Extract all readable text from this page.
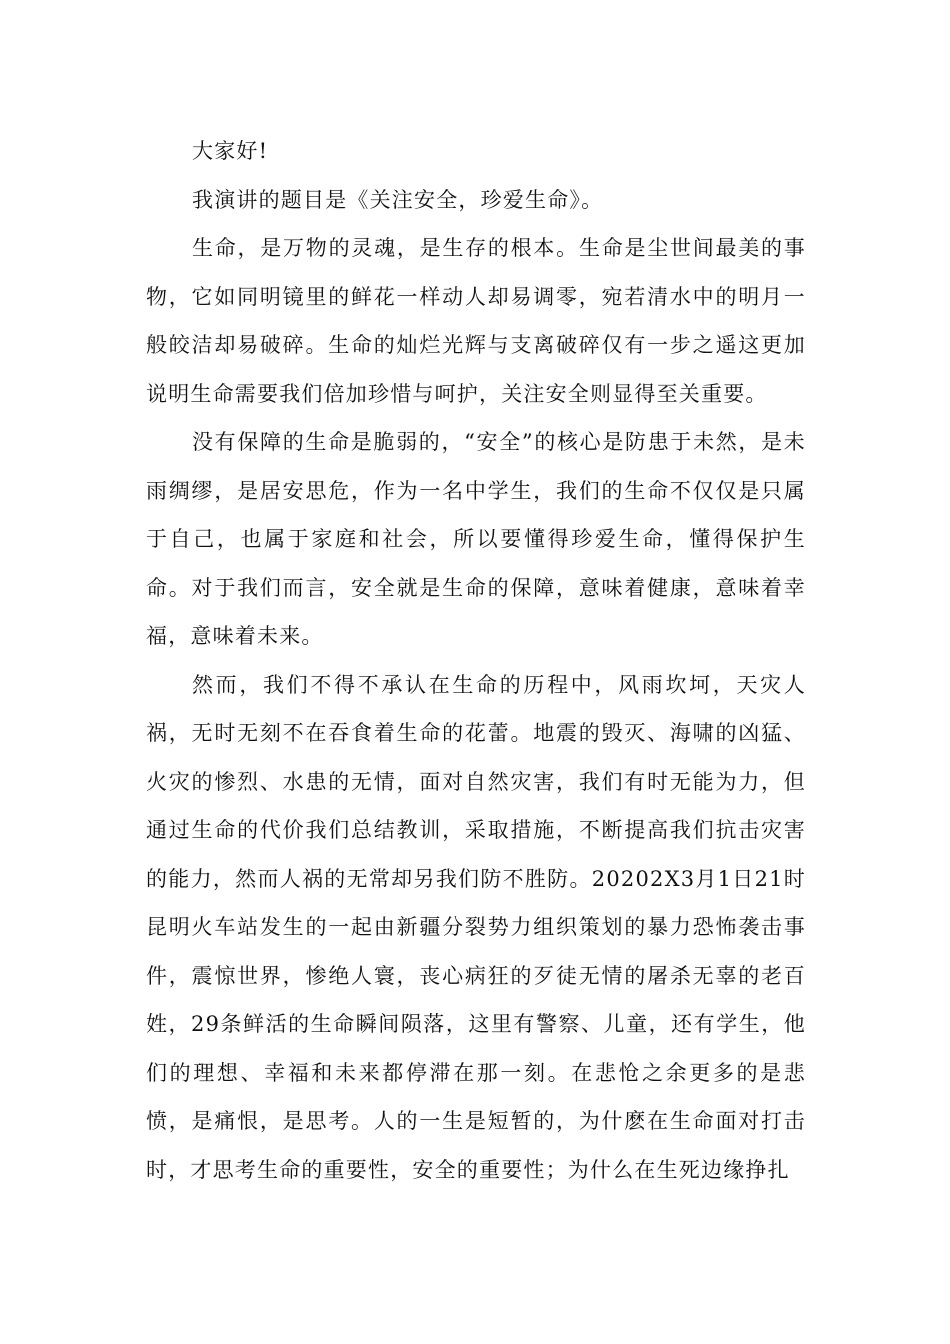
大家好!

我演讲的题目是《关注安全，珍爱生命》。

生命，是万物的灵魂，是生存的根本。生命是尘世间最美的事物，它如同明镜里的鲜花一样动人却易调零，宛若清水中的明月一般皎洁却易破碎。生命的灿烂光辉与支离破碎仅有一步之遥这更加说明生命需要我们倍加珍惜与呵护，关注安全则显得至关重要。

没有保障的生命是脆弱的，“安全”的核心是防患于未然，是未雨绸缪，是居安思危，作为一名中学生，我们的生命不仅仅是只属于自己，也属于家庭和社会，所以要懂得珍爱生命，懂得保护生命。对于我们而言，安全就是生命的保障，意味着健康，意味着幸福，意味着未来。

然而，我们不得不承认在生命的历程中，风雨坎坷，天灾人祸，无时无刻不在吞食着生命的花蕾。地震的毁灭、海啸的凶猛、火灾的惨烈、水患的无情，面对自然灾害，我们有时无能为力，但通过生命的代价我们总结教训，采取措施，不断提高我们抗击灾害的能力，然而人祸的无常却另我们防不胜防。20202X3月1日21时昆明火车站发生的一起由新疆分裂势力组织策划的暴力恐怖袭击事件，震惊世界，惨绝人寰，丧心病狂的歹徒无情的屠杀无辜的老百姓，29条鲜活的生命瞬间陨落，这里有警察、儿童，还有学生，他们的理想、幸福和未来都停滞在那一刻。在悲怆之余更多的是悲愤，是痛恨，是思考。人的一生是短暂的，为什麽在生命面对打击时，才思考生命的重要性，安全的重要性；为什么在生死边缘挣扎
